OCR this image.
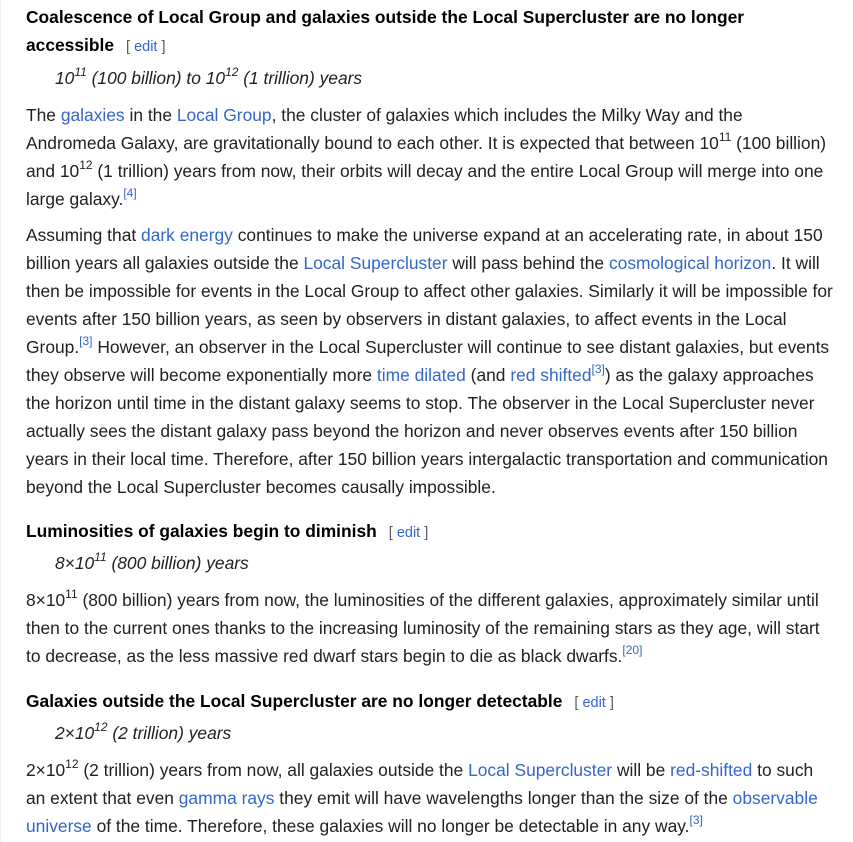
Coalescence of Local Group and galaxies outside the Local Supercluster are no longer accessible [ edit ]
$10^{11}$ (100 billion) to $10^{12}$ (1 trillion) years

The galaxies in the Local Group, the cluster of galaxies which includes the Milky Way and the Andromeda Galaxy, are gravitationally bound to each other. It is expected that between $10^{11}$ (100 billion) and $10^{12}$ (1 trillion) years from now, their orbits will decay and the entire Local Group will merge into one large galaxy.[4]

Assuming that dark energy continues to make the universe expand at an accelerating rate, in about 150 billion years all galaxies outside the Local Supercluster will pass behind the cosmological horizon. It will then be impossible for events in the Local Group to affect other galaxies. Similarly it will be impossible for events after 150 billion years, as seen by observers in distant galaxies, to affect events in the Local Group.[3] However, an observer in the Local Supercluster will continue to see distant galaxies, but events they observe will become exponentially more time dilated (and red shifted[3]) as the galaxy approaches the horizon until time in the distant galaxy seems to stop. The observer in the Local Supercluster never actually sees the distant galaxy pass beyond the horizon and never observes events after 150 billion years in their local time. Therefore, after 150 billion years intergalactic transportation and communication beyond the Local Supercluster becomes causally impossible.

Luminosities of galaxies begin to diminish [ edit ]
$8\times 10^{11}$ (800 billion) years

$8\times 10^{11}$ (800 billion) years from now, the luminosities of the different galaxies, approximately similar until then to the current ones thanks to the increasing luminosity of the remaining stars as they age, will start to decrease, as the less massive red dwarf stars begin to die as black dwarfs.[20]

Galaxies outside the Local Supercluster are no longer detectable [ edit ]
$2\times 10^{12}$ (2 trillion) years

$2\times 10^{12}$ (2 trillion) years from now, all galaxies outside the Local Supercluster will be red-shifted to such an extent that even gamma rays they emit will have wavelengths longer than the size of the observable universe of the time. Therefore, these galaxies will no longer be detectable in any way.[3]
